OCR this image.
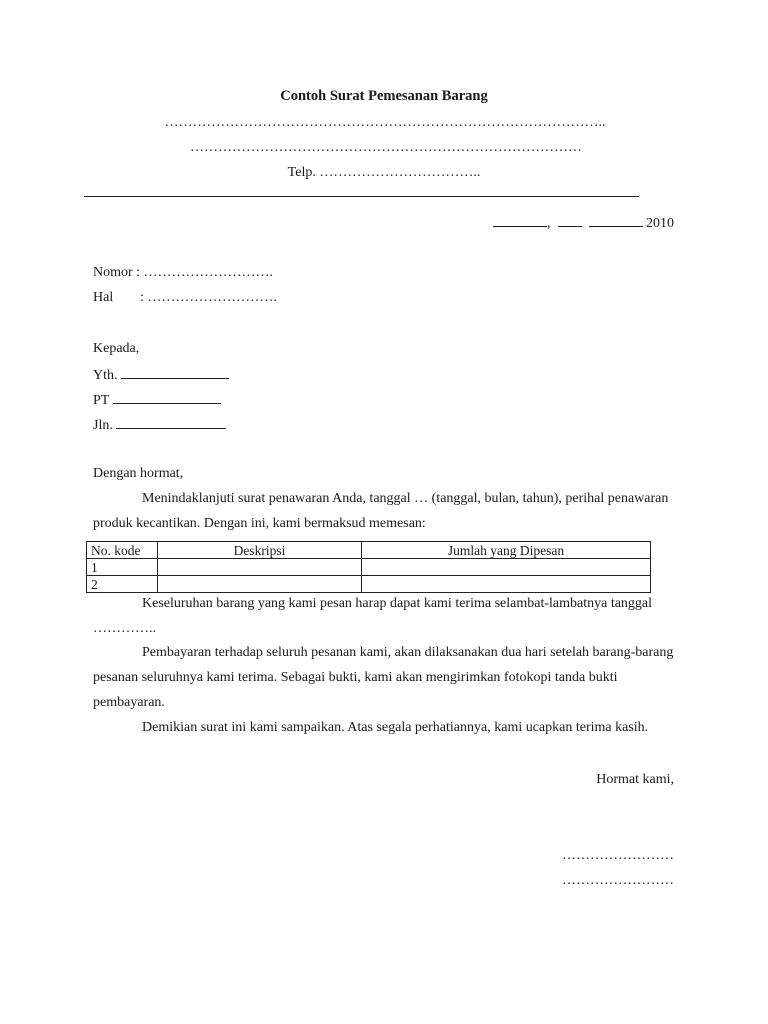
Contoh Surat Pemesanan Barang
…………………………………………………………………………………..
…………………………………………………………………………
Telp. ……………………………..
,	2010
Nomor : ……………………….
Hal : ……………………….
Kepada,
Yth.
PT
Jln.
Dengan hormat,
Menindaklanjuti surat penawaran Anda, tanggal … (tanggal, bulan, tahun), perihal penawaran produk kecantikan. Dengan ini, kami bermaksud memesan:
No. kode	Deskripsi	Jumlah yang Dipesan
1		
2		
Keseluruhan barang yang kami pesan harap dapat kami terima selambat-lambatnya tanggal …………..
Pembayaran terhadap seluruh pesanan kami, akan dilaksanakan dua hari setelah barang-barang pesanan seluruhnya kami terima. Sebagai bukti, kami akan mengirimkan fotokopi tanda bukti pembayaran.
Demikian surat ini kami sampaikan. Atas segala perhatiannya, kami ucapkan terima kasih.
Hormat kami,
……………………
……………………
